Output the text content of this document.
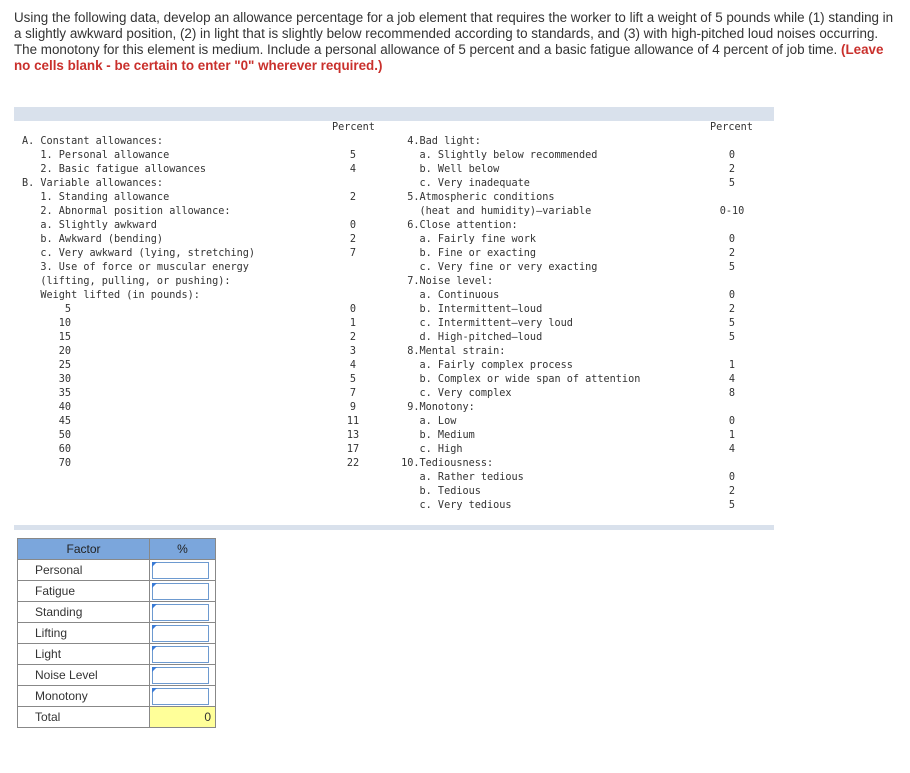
Using the following data, develop an allowance percentage for a job element that requires the worker to lift a weight of 5 pounds while (1) standing in a slightly awkward position, (2) in light that is slightly below recommended according to standards, and (3) with high-pitched loud noises occurring. The monotony for this element is medium. Include a personal allowance of 5 percent and a basic fatigue allowance of 4 percent of job time. (Leave no cells blank - be certain to enter "0" wherever required.)
Percent	Percent
A. Constant allowances:
1. Personal allowance	5
2. Basic fatigue allowances	4
B. Variable allowances:
1. Standing allowance	2
2. Abnormal position allowance:
a. Slightly awkward	0
b. Awkward (bending)	2
c. Very awkward (lying, stretching)	7
3. Use of force or muscular energy
(lifting, pulling, or pushing):
Weight lifted (in pounds):
5	0
10	1
15	2
20	3
25	4
30	5
35	7
40	9
45	11
50	13
60	17
70	22
4.Bad light:
a. Slightly below recommended	0
b. Well below	2
c. Very inadequate	5
5.Atmospheric conditions
(heat and humidity)—variable	0-10
6.Close attention:
a. Fairly fine work	0
b. Fine or exacting	2
c. Very fine or very exacting	5
7.Noise level:
a. Continuous	0
b. Intermittent—loud	2
c. Intermittent—very loud	5
d. High-pitched—loud	5
8.Mental strain:
a. Fairly complex process	1
b. Complex or wide span of attention	4
c. Very complex	8
9.Monotony:
a. Low	0
b. Medium	1
c. High	4
10.Tediousness:
a. Rather tedious	0
b. Tedious	2
c. Very tedious	5
Factor	%
Personal	

Fatigue	

Standing	

Lifting	

Light	

Noise Level	

Monotony	

Total	0
